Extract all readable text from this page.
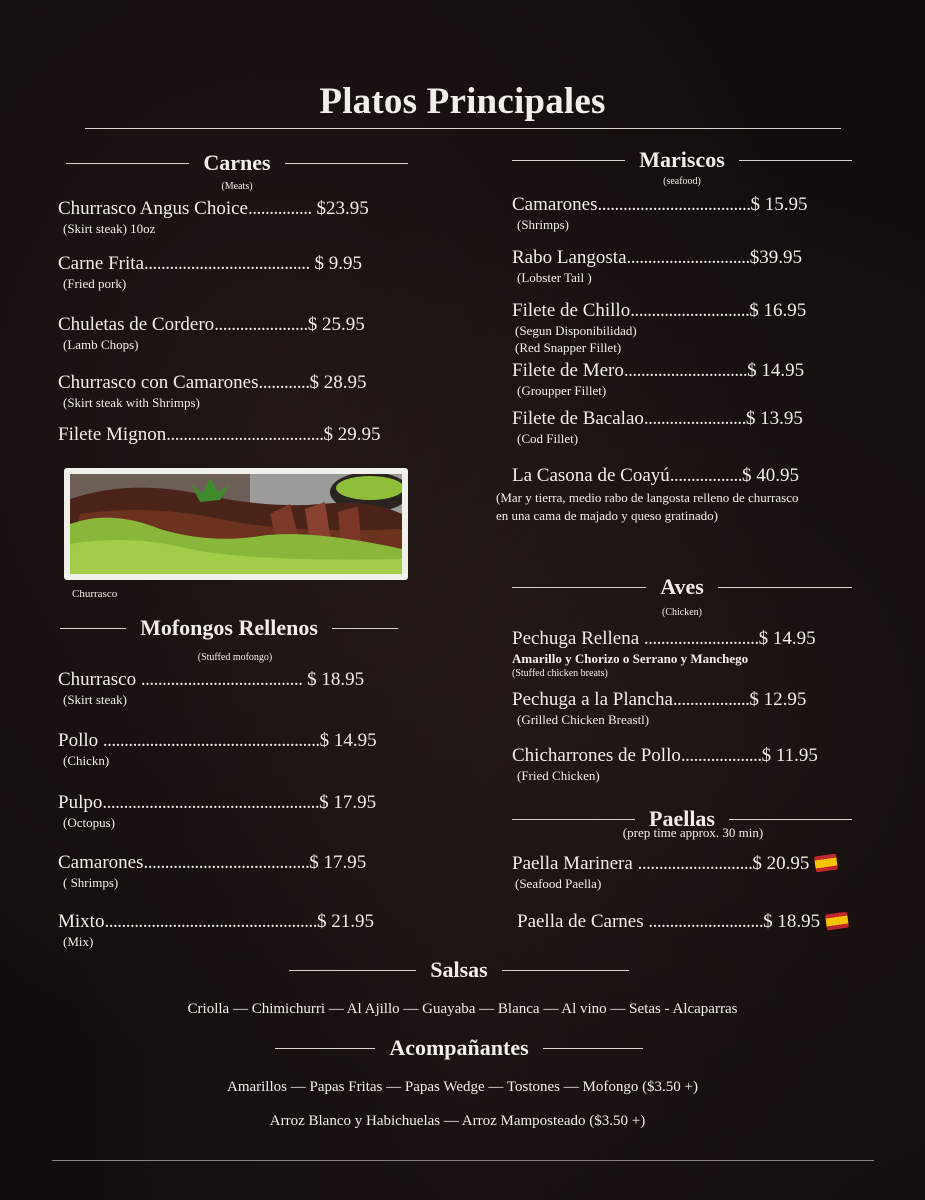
Platos Principales
Carnes
(Meats)
Churrasco Angus Choice............... $23.95
(Skirt steak) 10oz
Carne Frita....................................... $ 9.95
(Fried pork)
Chuletas de Cordero......................$ 25.95
(Lamb Chops)
Churrasco con Camarones............$ 28.95
(Skirt steak with Shrimps)
Filete Mignon.....................................$ 29.95
Churrasco
Mofongos Rellenos
(Stuffed mofongo)
Churrasco ...................................... $ 18.95
(Skirt steak)
Pollo ...................................................$ 14.95
(Chickn)
Pulpo...................................................$ 17.95
(Octopus)
Camarones.......................................$ 17.95
( Shrimps)
Mixto..................................................$ 21.95
(Mix)
Mariscos
(seafood)
Camarones....................................$ 15.95
(Shrimps)
Rabo Langosta.............................$39.95
(Lobster Tail )
Filete de Chillo............................$ 16.95
(Segun Disponibilidad)
(Red Snapper Fillet)
Filete de Mero.............................$ 14.95
(Groupper Fillet)
Filete de Bacalao........................$ 13.95
(Cod Fillet)
La Casona de Coayú.................$ 40.95
(Mar y tierra, medio rabo de langosta relleno de churrasco
en una cama de majado y queso gratinado)
Aves
(Chicken)
Pechuga Rellena ...........................$ 14.95
Amarillo y Chorizo o Serrano y Manchego
(Stuffed chicken breats)
Pechuga a la Plancha..................$ 12.95
(Grilled Chicken Breastl)
Chicharrones de Pollo...................$ 11.95
(Fried Chicken)
Paellas
(prep time approx. 30 min)
Paella Marinera ...........................$ 20.95
(Seafood Paella)
Paella de Carnes ...........................$ 18.95
Salsas
Criolla — Chimichurri — Al Ajillo — Guayaba — Blanca — Al vino — Setas - Alcaparras
Acompañantes
Amarillos — Papas Fritas — Papas Wedge — Tostones — Mofongo ($3.50 +)
Arroz Blanco y Habichuelas — Arroz Mamposteado ($3.50 +)
